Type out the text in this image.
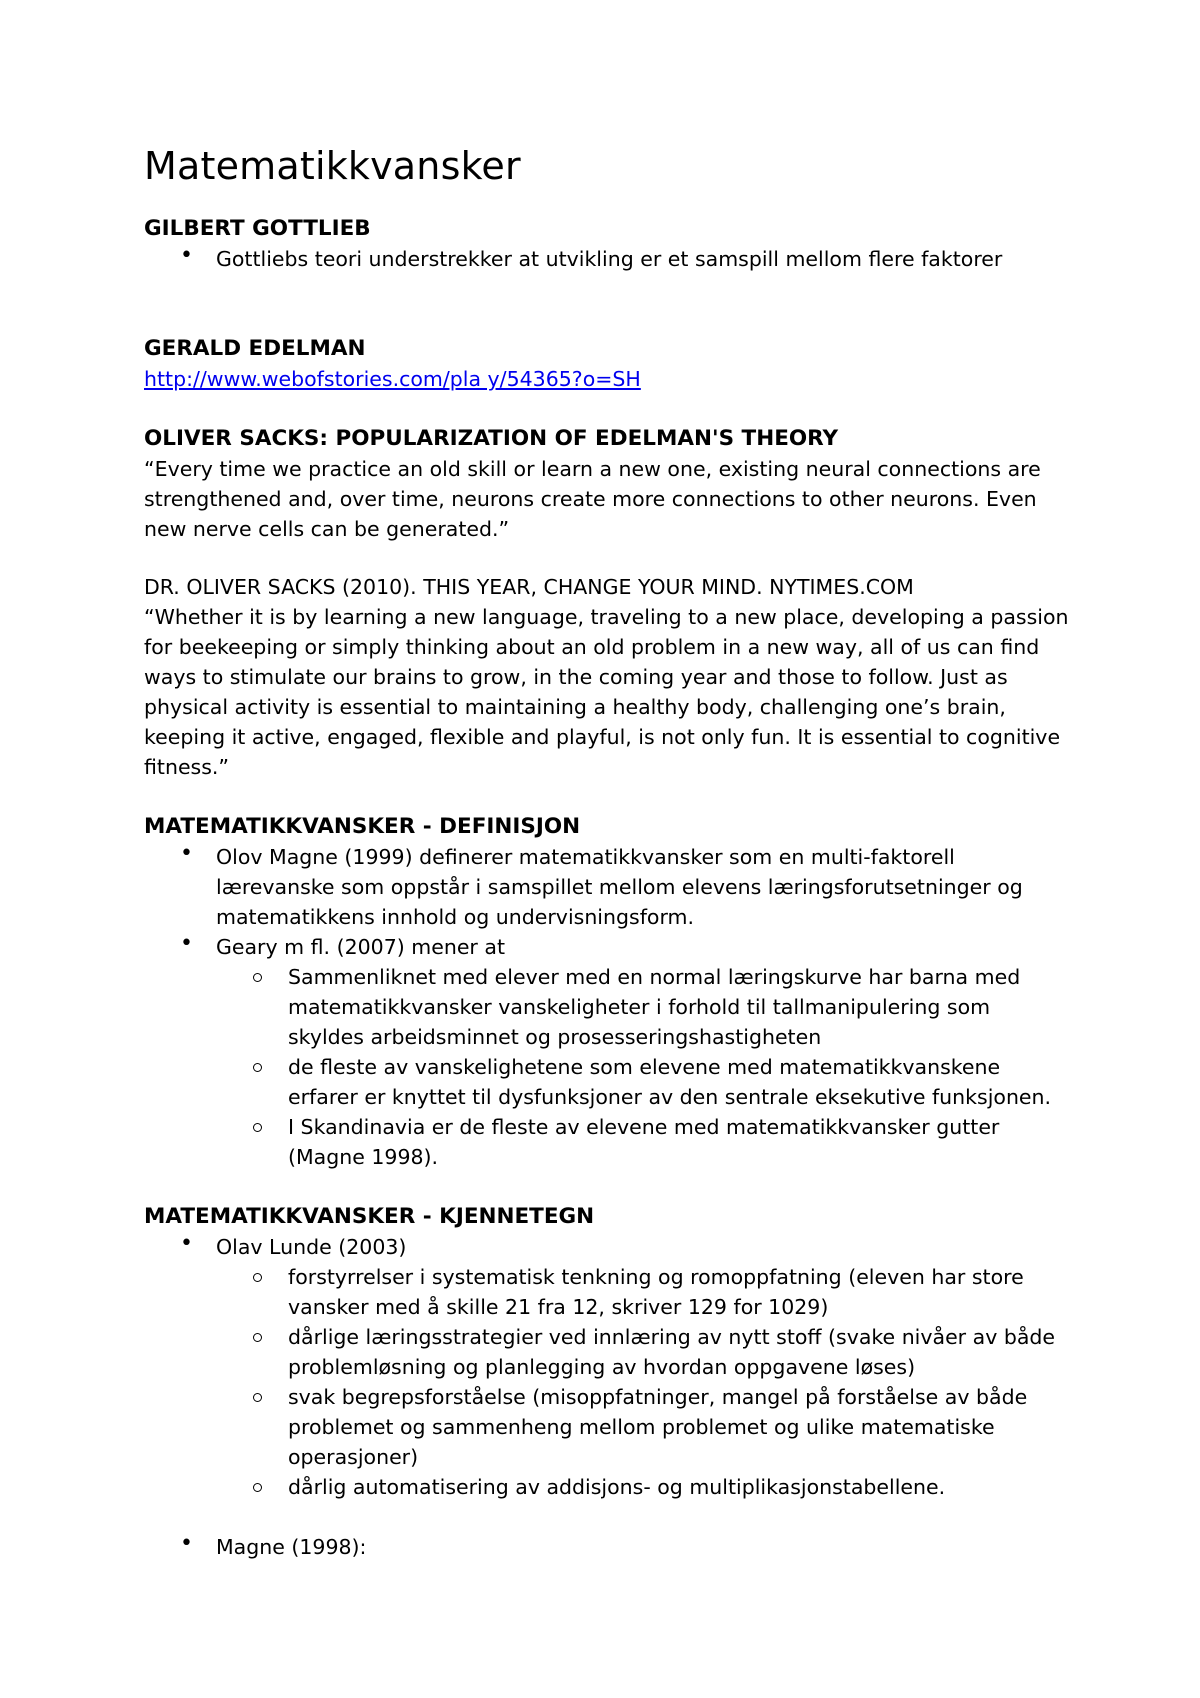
Matematikkvansker
GILBERT GOTTLIEB
• Gottliebs teori understrekker at utvikling er et samspill mellom flere faktorer
GERALD EDELMAN
http://www.webofstories.com/pla y/54365?o=SH
OLIVER SACKS: POPULARIZATION OF EDELMAN'S THEORY

“Every time we practice an old skill or learn a new one, existing neural connections are strengthened and, over time, neurons create more connections to other neurons. Even new nerve cells can be generated.”

DR. OLIVER SACKS (2010). THIS YEAR, CHANGE YOUR MIND. NYTIMES.COM

“Whether it is by learning a new language, traveling to a new place, developing a passion for beekeeping or simply thinking about an old problem in a new way, all of us can find ways to stimulate our brains to grow, in the coming year and those to follow. Just as physical activity is essential to maintaining a healthy body, challenging one’s brain, keeping it active, engaged, flexible and playful, is not only fun. It is essential to cognitive fitness.”

MATEMATIKKVANSKER - DEFINISJON
• Olov Magne (1999) definerer matematikkvansker som en multi-faktorell lærevanske som oppstår i samspillet mellom elevens læringsforutsetninger og matematikkens innhold og undervisningsform.
• Geary m fl. (2007) mener at
Sammenliknet med elever med en normal læringskurve har barna med matematikkvansker vanskeligheter i forhold til tallmanipulering som skyldes arbeidsminnet og prosesseringshastigheten
de fleste av vanskelighetene som elevene med matematikkvanskene erfarer er knyttet til dysfunksjoner av den sentrale eksekutive funksjonen.
I Skandinavia er de fleste av elevene med matematikkvansker gutter (Magne 1998).
MATEMATIKKVANSKER - KJENNETEGN
• Olav Lunde (2003)
forstyrrelser i systematisk tenkning og romoppfatning (eleven har store vansker med å skille 21 fra 12, skriver 129 for 1029)
dårlige læringsstrategier ved innlæring av nytt stoff (svake nivåer av både problemløsning og planlegging av hvordan oppgavene løses)
svak begrepsforståelse (misoppfatninger, mangel på forståelse av både problemet og sammenheng mellom problemet og ulike matematiske operasjoner)
dårlig automatisering av addisjons- og multiplikasjonstabellene.
• Magne (1998):
